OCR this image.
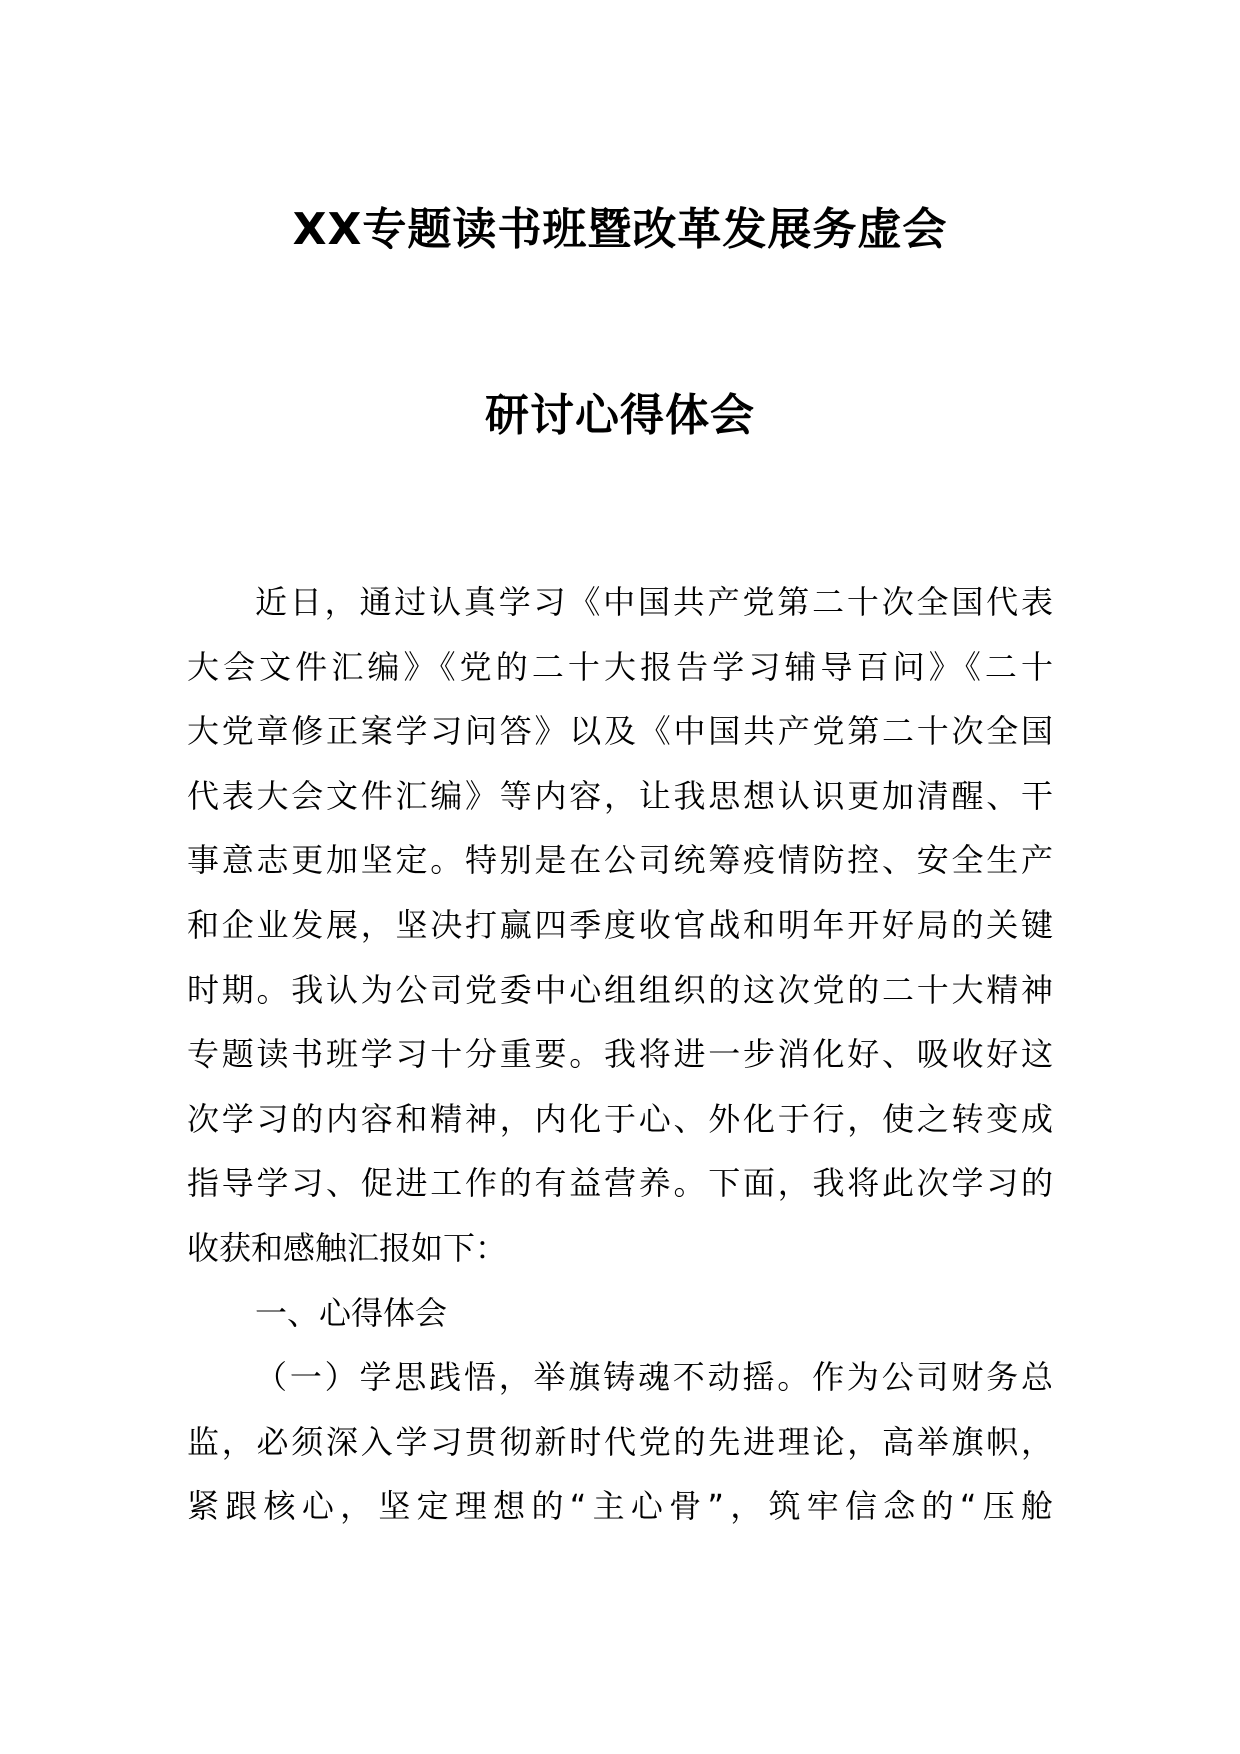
XX专题读书班暨改革发展务虚会
研讨心得体会
近日，通过认真学习《中国共产党第二十次全国代表
大会文件汇编》《党的二十大报告学习辅导百问》《二十
大党章修正案学习问答》以及《中国共产党第二十次全国
代表大会文件汇编》等内容，让我思想认识更加清醒、干
事意志更加坚定。特别是在公司统筹疫情防控、安全生产
和企业发展，坚决打赢四季度收官战和明年开好局的关键
时期。我认为公司党委中心组组织的这次党的二十大精神
专题读书班学习十分重要。我将进一步消化好、吸收好这
次学习的内容和精神，内化于心、外化于行，使之转变成
指导学习、促进工作的有益营养。下面，我将此次学习的
收获和感触汇报如下：
一、心得体会
（一）学思践悟，举旗铸魂不动摇。作为公司财务总
监，必须深入学习贯彻新时代党的先进理论，高举旗帜，
紧跟核心，坚定理想的“主心骨”，筑牢信念的“压舱
